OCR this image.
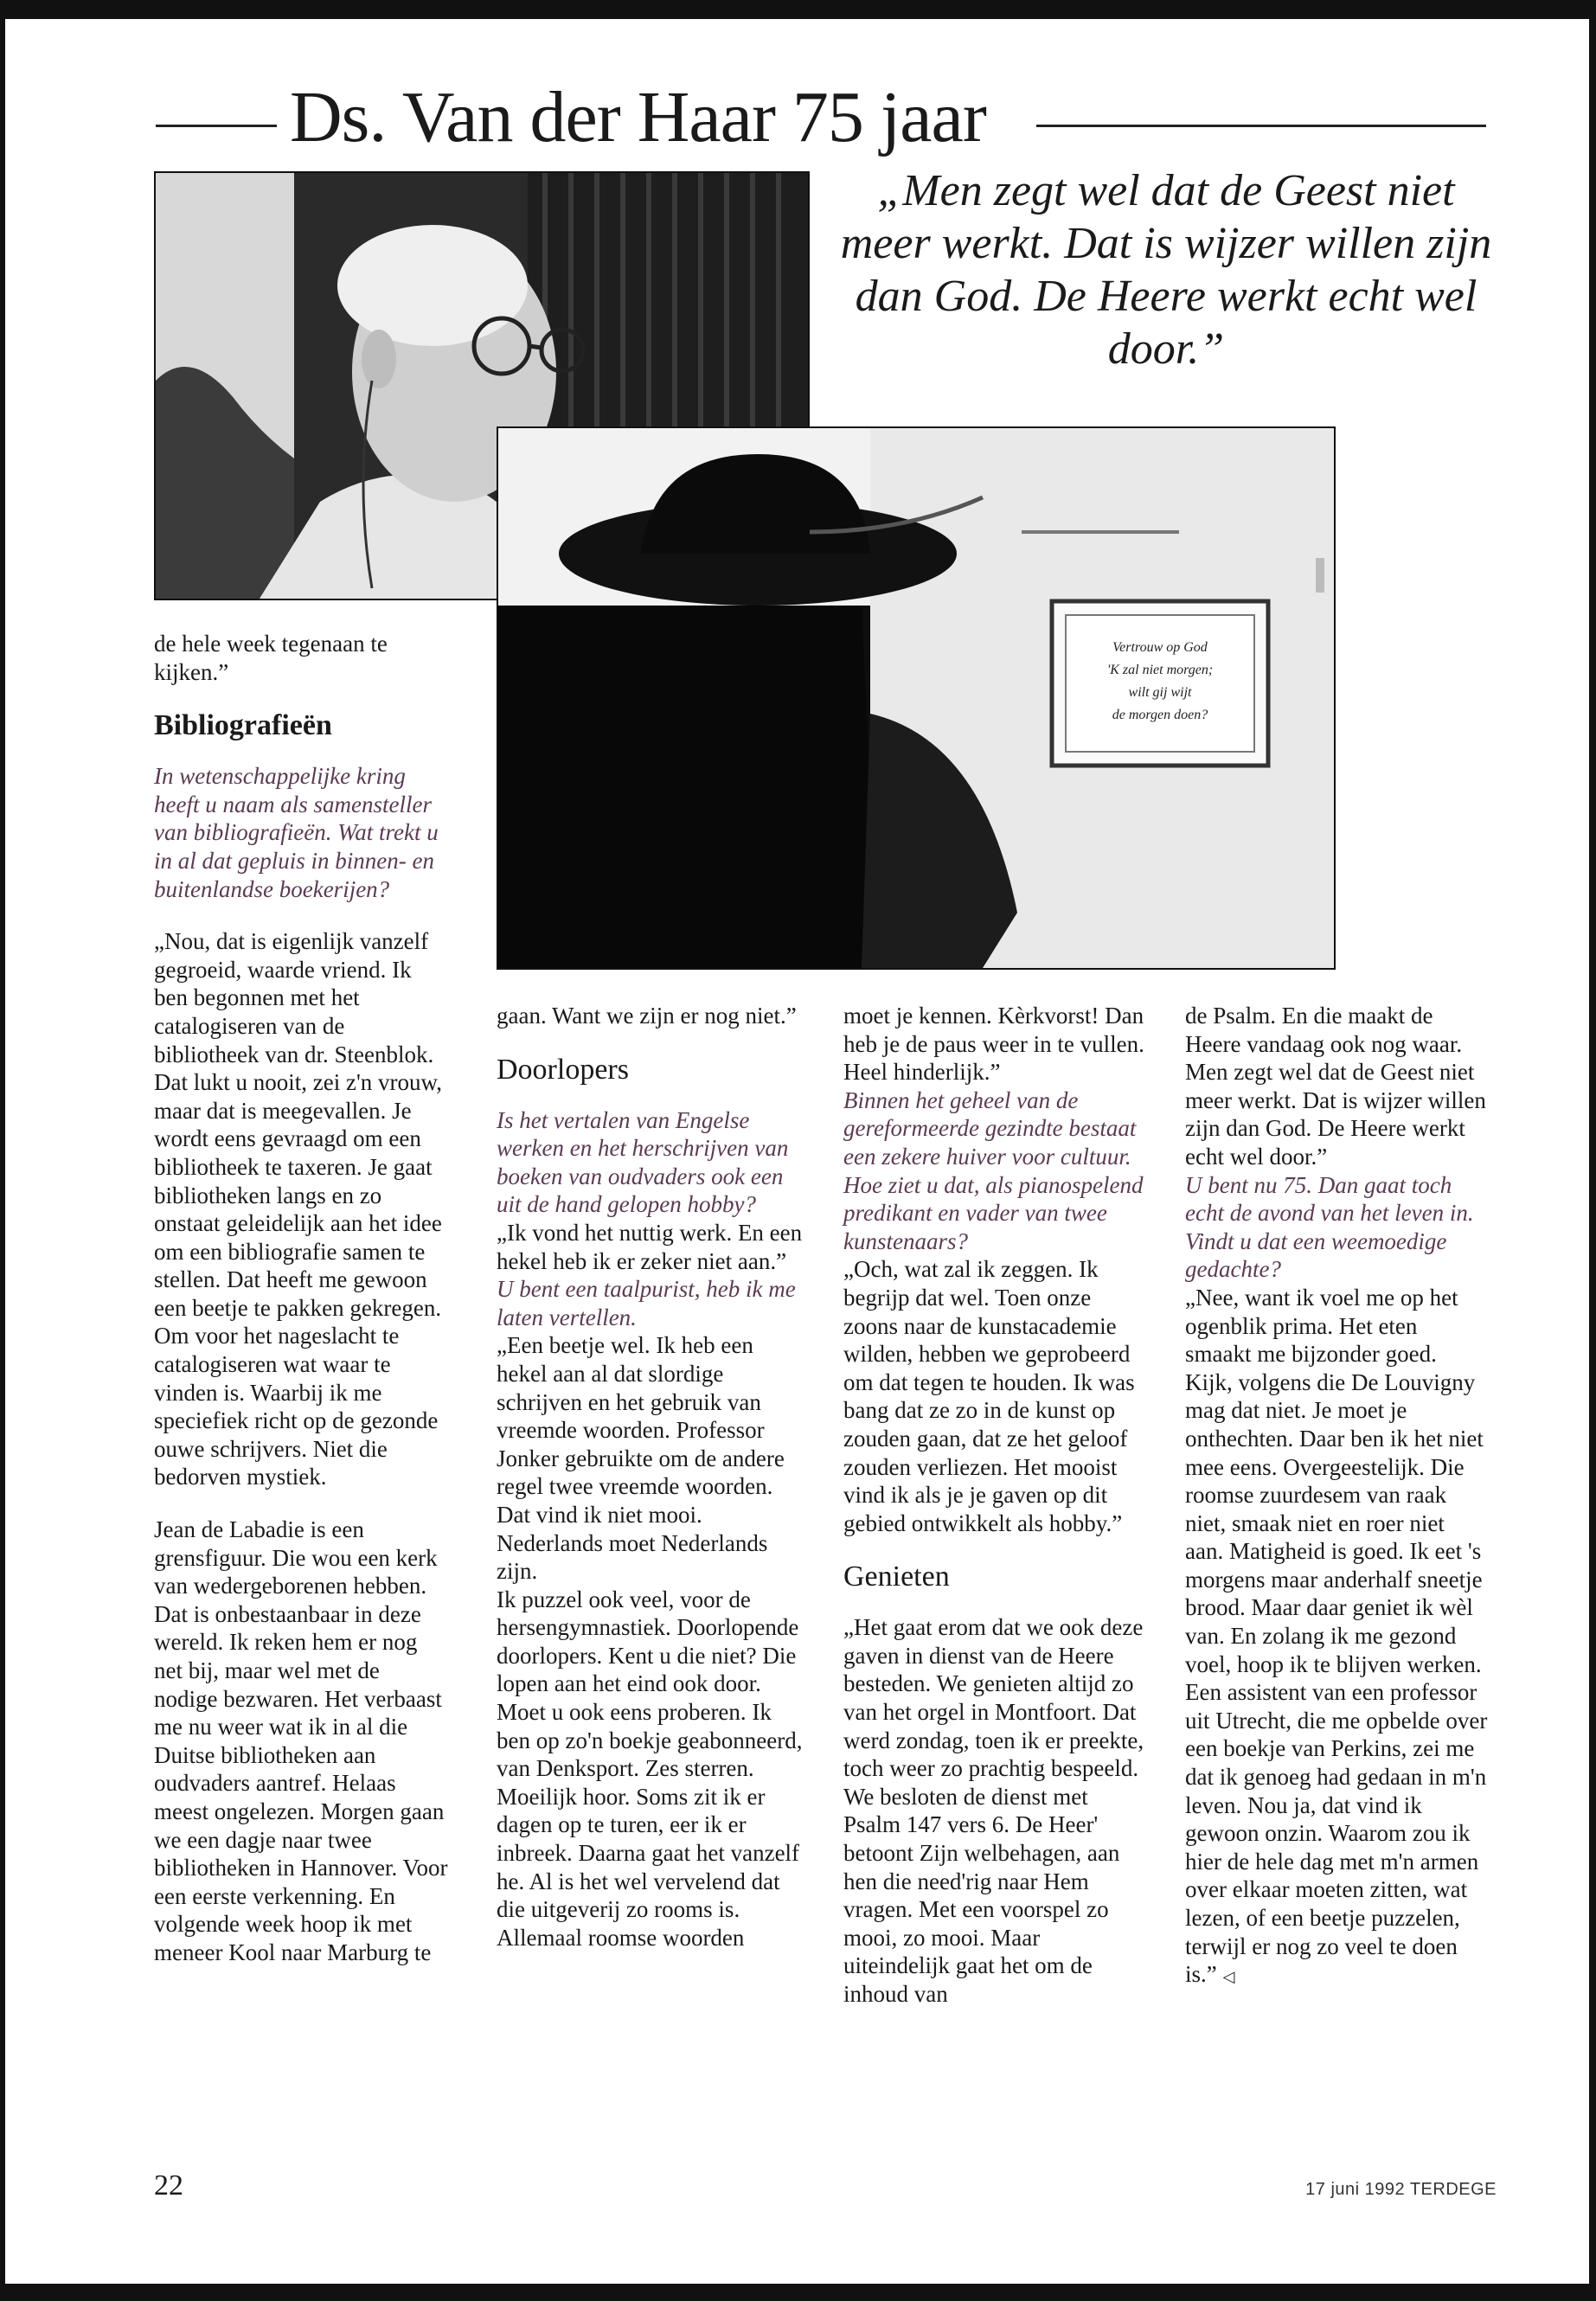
Ds. Van der Haar 75 jaar
„Men zegt wel dat de Geest niet meer werkt. Dat is wijzer willen zijn dan God. De Heere werkt echt wel door.”
Vertrouw op God
'K zal niet morgen;
wilt gij wijt
de morgen doen?

de hele week tegenaan te kijken.”

Bibliografieën

In wetenschappelijke kring heeft u naam als samensteller van bibliografieën. Wat trekt u in al dat gepluis in binnen- en buitenlandse boekerijen?

„Nou, dat is eigenlijk vanzelf gegroeid, waarde vriend. Ik ben begonnen met het catalogiseren van de bibliotheek van dr. Steenblok. Dat lukt u nooit, zei z'n vrouw, maar dat is meegevallen. Je wordt eens gevraagd om een bibliotheek te taxeren. Je gaat bibliotheken langs en zo onstaat geleidelijk aan het idee om een bibliografie samen te stellen. Dat heeft me gewoon een beetje te pakken gekregen. Om voor het nageslacht te catalogiseren wat waar te vinden is. Waarbij ik me speciefiek richt op de gezonde ouwe schrijvers. Niet die bedorven mystiek.

Jean de Labadie is een grensfiguur. Die wou een kerk van wedergeborenen hebben. Dat is onbestaanbaar in deze wereld. Ik reken hem er nog net bij, maar wel met de nodige bezwaren. Het verbaast me nu weer wat ik in al die Duitse bibliotheken aan oudvaders aantref. Helaas meest ongelezen. Morgen gaan we een dagje naar twee bibliotheken in Hannover. Voor een eerste verkenning. En volgende week hoop ik met meneer Kool naar Marburg te

gaan. Want we zijn er nog niet.”

Doorlopers

Is het vertalen van Engelse werken en het herschrijven van boeken van oudvaders ook een uit de hand gelopen hobby?

„Ik vond het nuttig werk. En een hekel heb ik er zeker niet aan.”

U bent een taalpurist, heb ik me laten vertellen.

„Een beetje wel. Ik heb een hekel aan al dat slordige schrijven en het gebruik van vreemde woorden. Professor Jonker gebruikte om de andere regel twee vreemde woorden. Dat vind ik niet mooi. Nederlands moet Nederlands zijn.

Ik puzzel ook veel, voor de hersengymnastiek. Doorlopende doorlopers. Kent u die niet? Die lopen aan het eind ook door. Moet u ook eens proberen. Ik ben op zo'n boekje geabonneerd, van Denksport. Zes sterren. Moeilijk hoor. Soms zit ik er dagen op te turen, eer ik er inbreek. Daarna gaat het vanzelf he. Al is het wel vervelend dat die uitgeverij zo rooms is. Allemaal roomse woorden

moet je kennen. Kèrkvorst! Dan heb je de paus weer in te vullen. Heel hinderlijk.”

Binnen het geheel van de gereformeerde gezindte bestaat een zekere huiver voor cultuur. Hoe ziet u dat, als pianospelend predikant en vader van twee kunstenaars?

„Och, wat zal ik zeggen. Ik begrijp dat wel. Toen onze zoons naar de kunstacademie wilden, hebben we geprobeerd om dat tegen te houden. Ik was bang dat ze zo in de kunst op zouden gaan, dat ze het geloof zouden verliezen. Het mooist vind ik als je je gaven op dit gebied ontwikkelt als hobby.”

Genieten

„Het gaat erom dat we ook deze gaven in dienst van de Heere besteden. We genieten altijd zo van het orgel in Montfoort. Dat werd zondag, toen ik er preekte, toch weer zo prachtig bespeeld. We besloten de dienst met Psalm 147 vers 6. De Heer' betoont Zijn welbehagen, aan hen die need'rig naar Hem vragen. Met een voorspel zo mooi, zo mooi. Maar uiteindelijk gaat het om de inhoud van

de Psalm. En die maakt de Heere vandaag ook nog waar. Men zegt wel dat de Geest niet meer werkt. Dat is wijzer willen zijn dan God. De Heere werkt echt wel door.”

U bent nu 75. Dan gaat toch echt de avond van het leven in. Vindt u dat een weemoedige gedachte?

„Nee, want ik voel me op het ogenblik prima. Het eten smaakt me bijzonder goed. Kijk, volgens die De Louvigny mag dat niet. Je moet je onthechten. Daar ben ik het niet mee eens. Overgeestelijk. Die roomse zuurdesem van raak niet, smaak niet en roer niet aan. Matigheid is goed. Ik eet 's morgens maar anderhalf sneetje brood. Maar daar geniet ik wèl van. En zolang ik me gezond voel, hoop ik te blijven werken. Een assistent van een professor uit Utrecht, die me opbelde over een boekje van Perkins, zei me dat ik genoeg had gedaan in m'n leven. Nou ja, dat vind ik gewoon onzin. Waarom zou ik hier de hele dag met m'n armen over elkaar moeten zitten, wat lezen, of een beetje puzzelen, terwijl er nog zo veel te doen is.” ◁

22	17 juni 1992 TERDEGE
